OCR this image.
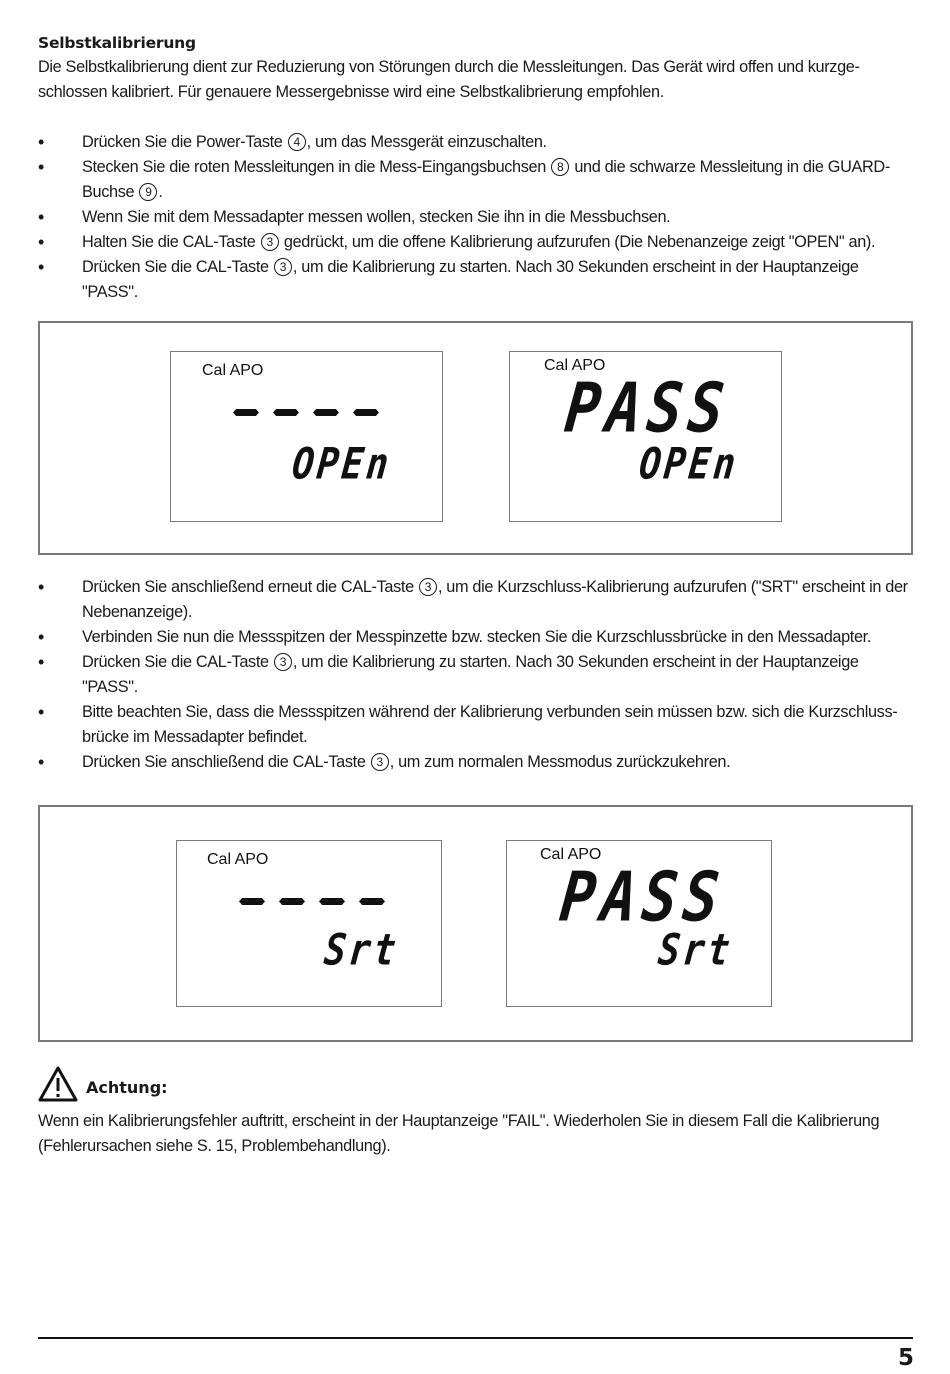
Selbstkalibrierung

Die Selbstkalibrierung dient zur Reduzierung von Störungen durch die Messleitungen. Das Gerät wird offen und kurzge-schlossen kalibriert. Für genauere Messergebnisse wird eine Selbstkalibrierung empfohlen.

• Drücken Sie die Power-Taste 4 , um das Messgerät einzuschalten.
• Stecken Sie die roten Messleitungen in die Mess-Eingangsbuchsen 8 und die schwarze Messleitung in die GUARD-Buchse 9 .
• Wenn Sie mit dem Messadapter messen wollen, stecken Sie ihn in die Messbuchsen.
• Halten Sie die CAL-Taste 3 gedrückt, um die offene Kalibrierung aufzurufen (Die Nebenanzeige zeigt "OPEN" an).
• Drücken Sie die CAL-Taste 3 , um die Kalibrierung zu starten. Nach 30 Sekunden erscheint in der Hauptanzeige "PASS".
Cal APO
OPEn
Cal APO
PASS
OPEn
• Drücken Sie anschließend erneut die CAL-Taste 3 , um die Kurzschluss-Kalibrierung aufzurufen ("SRT" erscheint in der Nebenanzeige).
• Verbinden Sie nun die Messspitzen der Messpinzette bzw. stecken Sie die Kurzschlussbrücke in den Messadapter.
• Drücken Sie die CAL-Taste 3 , um die Kalibrierung zu starten. Nach 30 Sekunden erscheint in der Hauptanzeige "PASS".
• Bitte beachten Sie, dass die Messspitzen während der Kalibrierung verbunden sein müssen bzw. sich die Kurzschluss-brücke im Messadapter befindet.
• Drücken Sie anschließend die CAL-Taste 3 , um zum normalen Messmodus zurückzukehren.
Cal APO
Srt
Cal APO
PASS
Srt
Achtung:

Wenn ein Kalibrierungsfehler auftritt, erscheint in der Hauptanzeige "FAIL". Wiederholen Sie in diesem Fall die Kalibrierung (Fehlerursachen siehe S. 15, Problembehandlung).

5
